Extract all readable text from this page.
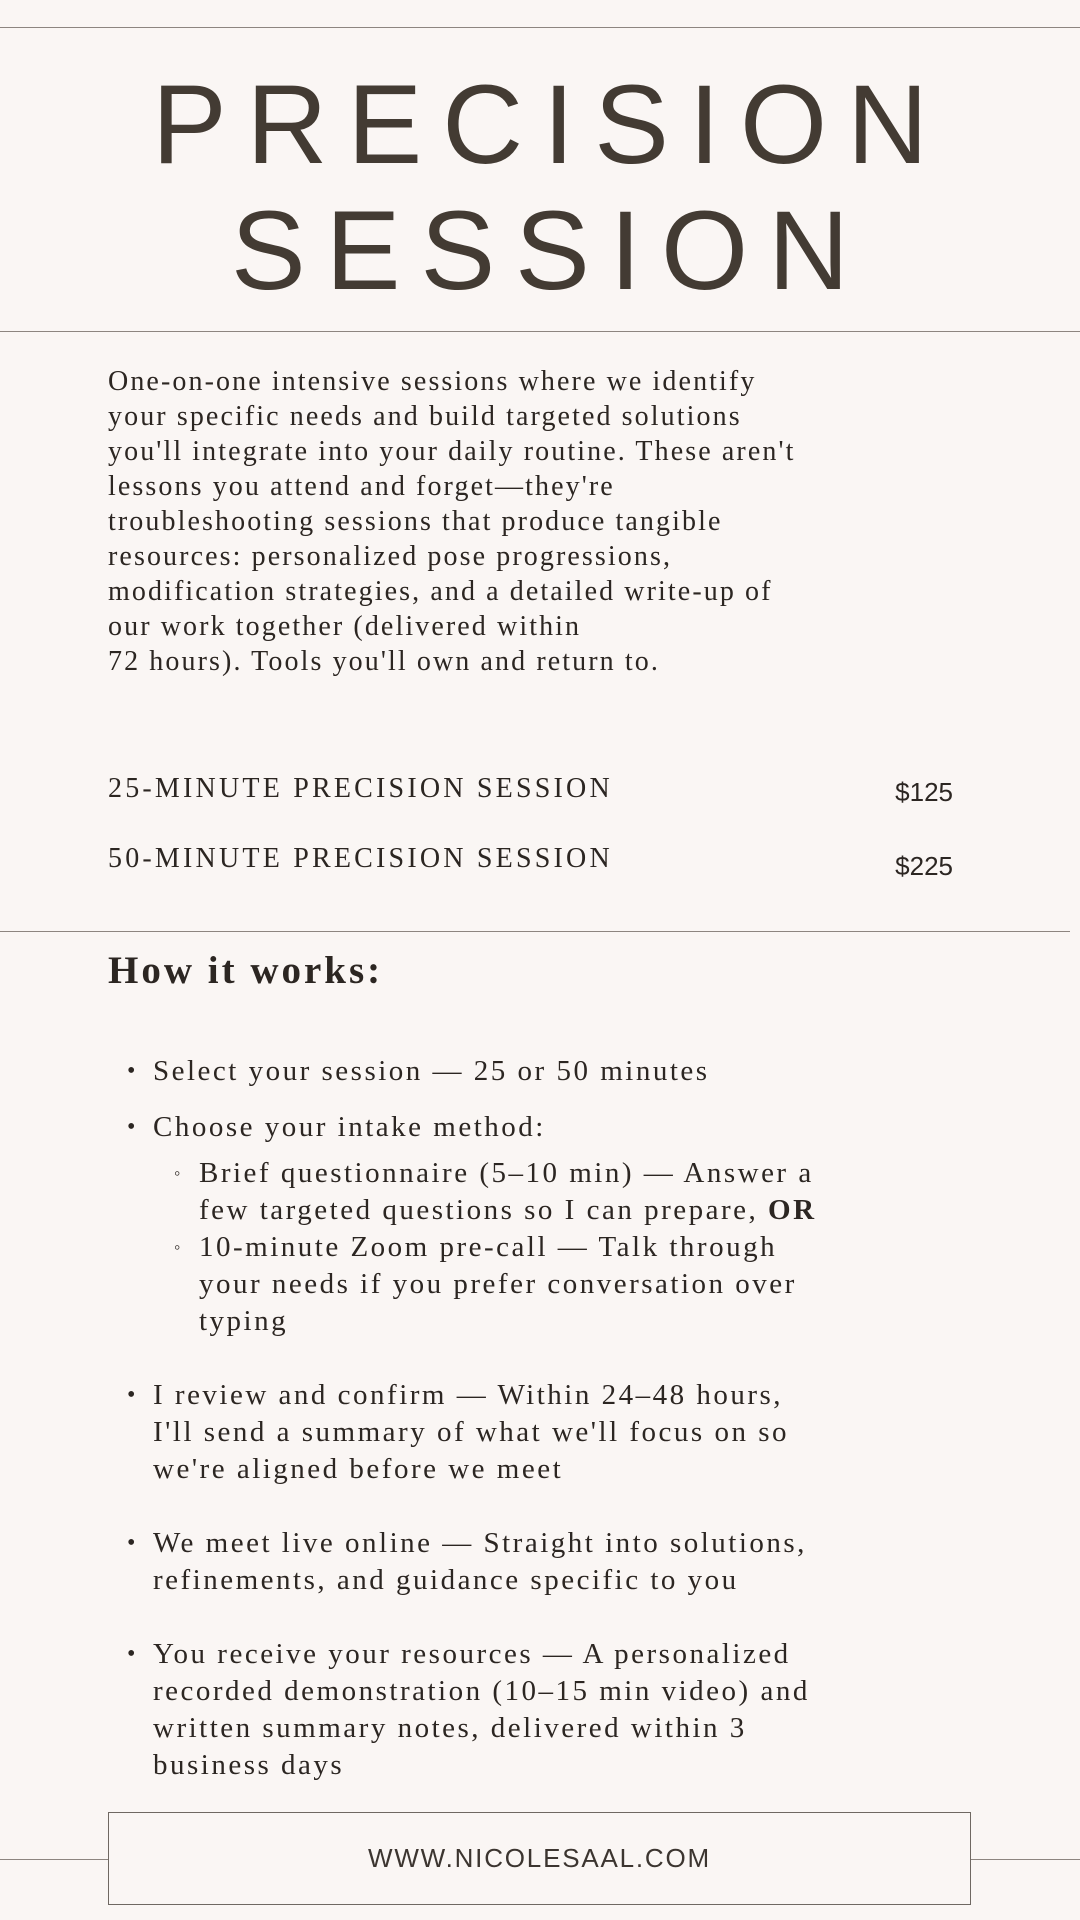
PRECISION
SESSION
One-on-one intensive sessions where we identify
your specific needs and build targeted solutions
you'll integrate into your daily routine. These aren't
lessons you attend and forget—they're
troubleshooting sessions that produce tangible
resources: personalized pose progressions,
modification strategies, and a detailed write-up of
our work together (delivered within
72 hours). Tools you'll own and return to.
25-MINUTE PRECISION SESSION	$125
50-MINUTE PRECISION SESSION	$225
How it works:
• Select your session — 25 or 50 minutes
• Choose your intake method:
◦ Brief questionnaire (5–10 min) — Answer a
few targeted questions so I can prepare, OR
◦ 10-minute Zoom pre-call — Talk through
your needs if you prefer conversation over
typing
• I review and confirm — Within 24–48 hours,
I'll send a summary of what we'll focus on so
we're aligned before we meet
• We meet live online — Straight into solutions,
refinements, and guidance specific to you
• You receive your resources — A personalized
recorded demonstration (10–15 min video) and
written summary notes, delivered within 3
business days
WWW.NICOLESAAL.COM
